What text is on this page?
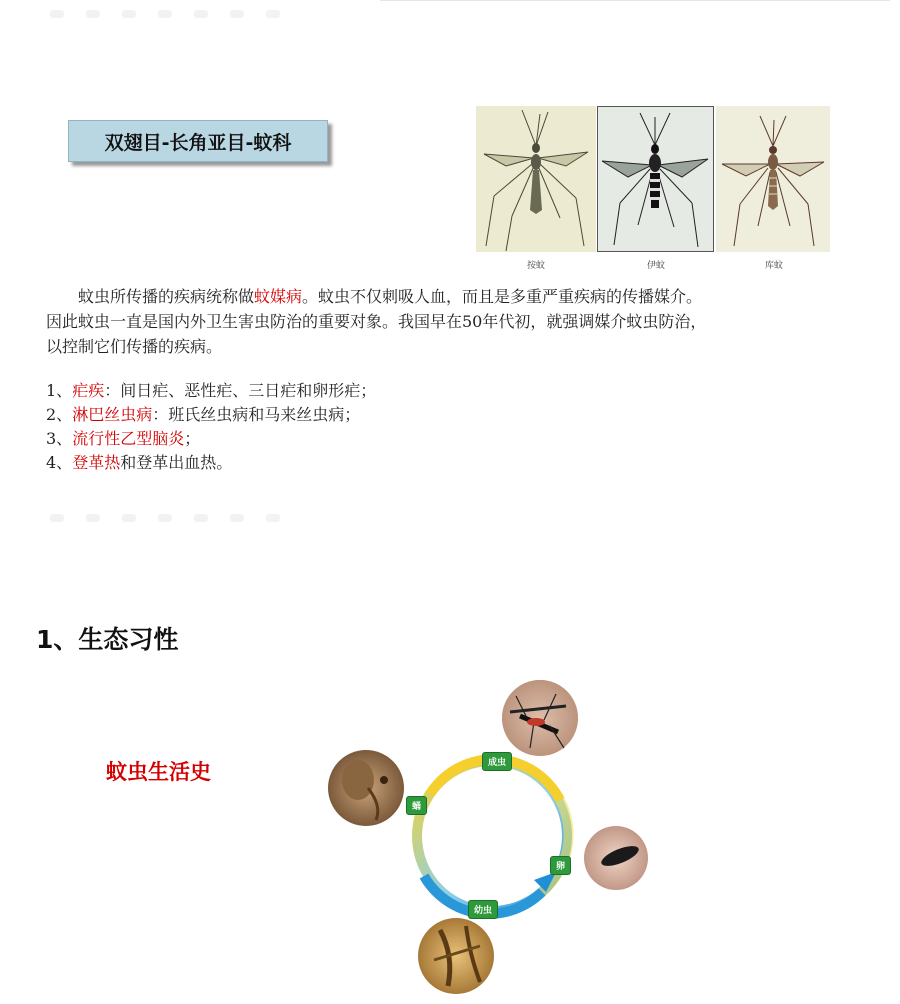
双翅目-长角亚目-蚊科
按蚊	伊蚊	库蚊
蚊虫所传播的疾病统称做蚊媒病。蚊虫不仅刺吸人血，而且是多重严重疾病的传播媒介。
因此蚊虫一直是国内外卫生害虫防治的重要对象。我国早在50年代初，就强调媒介蚊虫防治，
以控制它们传播的疾病。
1、疟疾：间日疟、恶性疟、三日疟和卵形疟；
2、淋巴丝虫病：班氏丝虫病和马来丝虫病；
3、流行性乙型脑炎；
4、登革热和登革出血热。
1、生态习性
蚊虫生活史	成虫
蛹
卵
幼虫
